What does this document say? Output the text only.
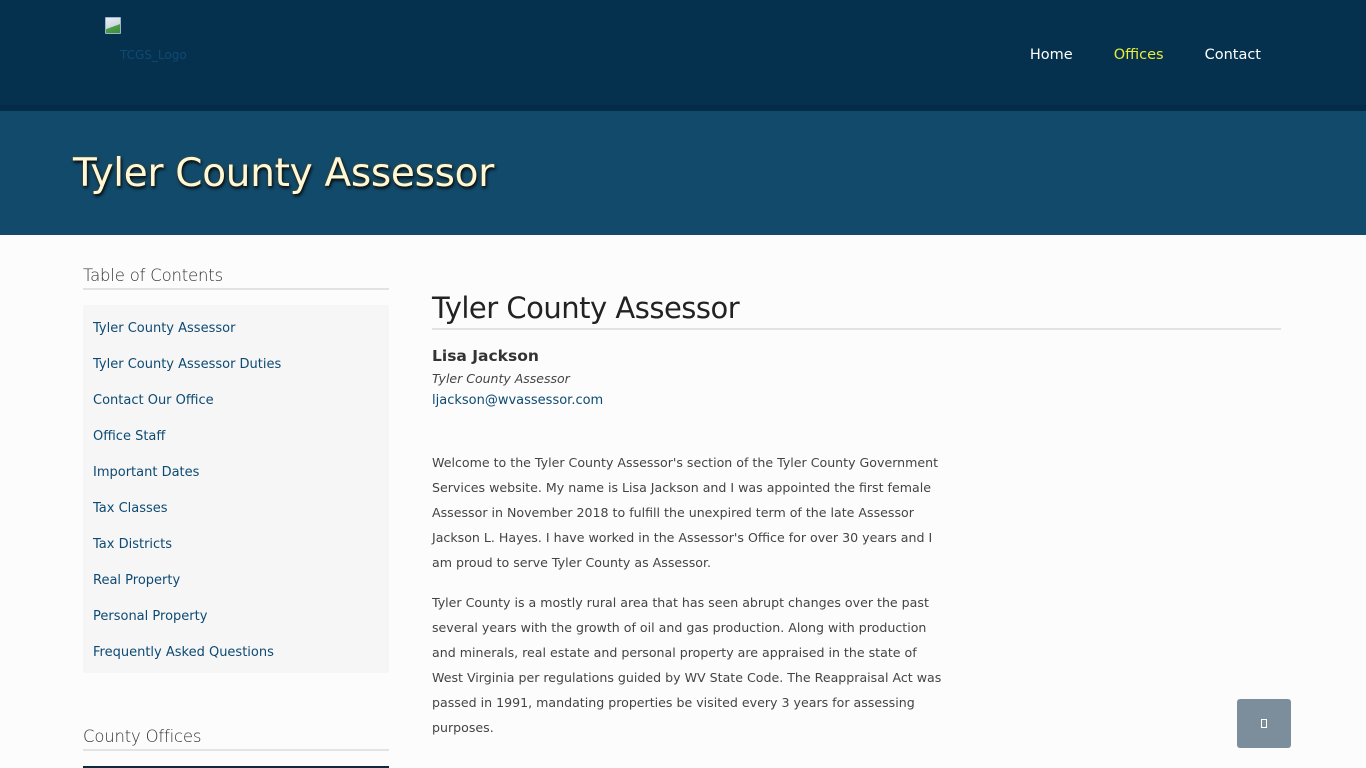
TCGS_Logo	Home	Offices	Contact
Tyler County Assessor
Table of Contents
Tyler County Assessor
Tyler County Assessor Duties
Contact Our Office
Office Staff
Important Dates
Tax Classes
Tax Districts
Real Property
Personal Property
Frequently Asked Questions
County Offices
Tyler County Assessor
Lisa Jackson
Tyler County Assessor
ljackson@wvassessor.com

Welcome to the Tyler County Assessor's section of the Tyler County Government Services website. My name is Lisa Jackson and I was appointed the first female Assessor in November 2018 to fulfill the unexpired term of the late Assessor Jackson L. Hayes. I have worked in the Assessor's Office for over 30 years and I am proud to serve Tyler County as Assessor.

Tyler County is a mostly rural area that has seen abrupt changes over the past several years with the growth of oil and gas production. Along with production and minerals, real estate and personal property are appraised in the state of West Virginia per regulations guided by WV State Code. The Reappraisal Act was passed in 1991, mandating properties be visited every 3 years for assessing purposes.
